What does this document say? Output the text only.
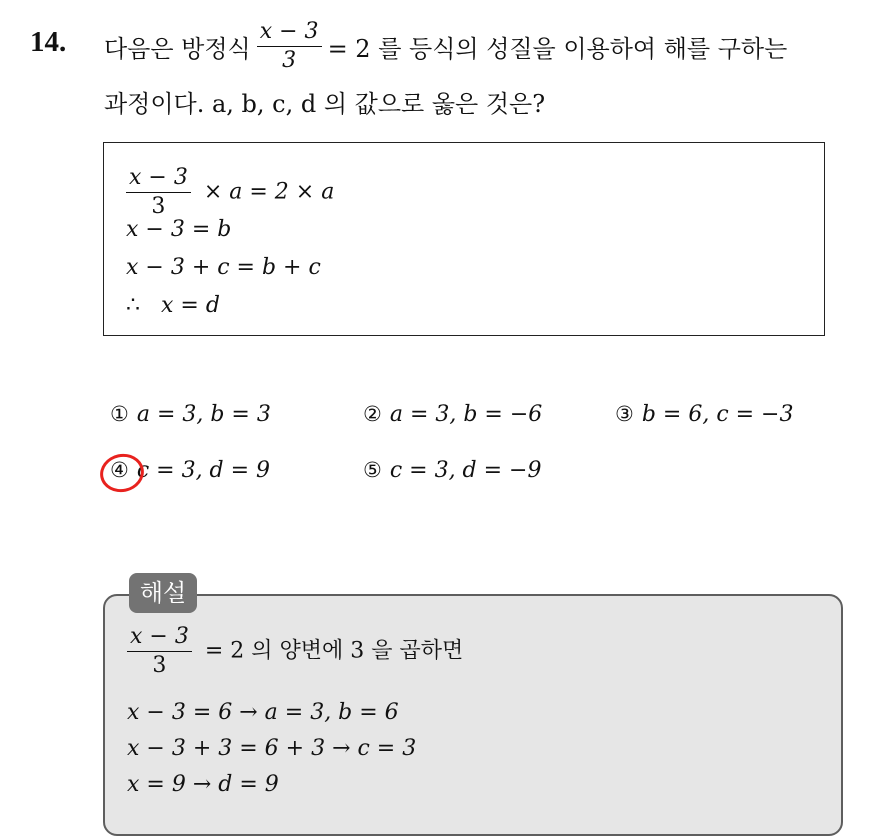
14. 다음은 방정식 $\frac{x - 3}{3} = 2$ 를 등식의 성질을 이용하여 해를 구하는
과정이다. a, b, c, d 의 값으로 옳은 것은?
$\frac{x - 3}{3} \times a = 2 \times a$
x − 3 = b
x − 3 + c = b + c
∴ x = d
① a = 3, b = 3	② a = 3, b = −6	③ b = 6, c = −3
④ c = 3, d = 9	⑤ c = 3, d = −9
$\frac{x - 3}{3} = 2$ 의 양변에 3 을 곱하면
x − 3 = 6 → a = 3, b = 6
x − 3 + 3 = 6 + 3 → c = 3
x = 9 → d = 9
해설
